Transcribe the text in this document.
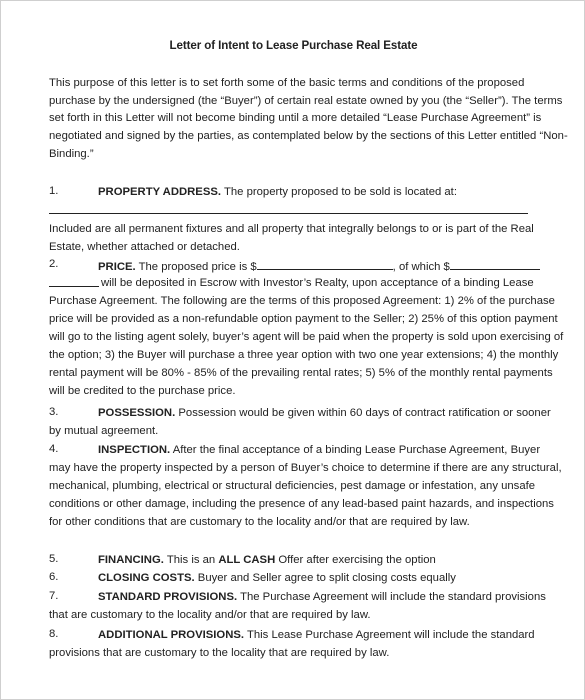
Letter of Intent to Lease Purchase Real Estate
This purpose of this letter is to set forth some of the basic terms and conditions of the proposed
purchase by the undersigned (the “Buyer”) of certain real estate owned by you (the “Seller”). The terms
set forth in this Letter will not become binding until a more detailed “Lease Purchase Agreement” is
negotiated and signed by the parties, as contemplated below by the sections of this Letter entitled “Non-
Binding.”
1.	PROPERTY ADDRESS. The property proposed to be sold is located at:
Included are all permanent fixtures and all property that integrally belongs to or is part of the Real
Estate, whether attached or detached.
2.	PRICE. The proposed price is $	, of which $
will be deposited in Escrow with Investor’s Realty, upon acceptance of a binding Lease
Purchase Agreement. The following are the terms of this proposed Agreement: 1) 2% of the purchase
price will be provided as a non-refundable option payment to the Seller; 2) 25% of this option payment
will go to the listing agent solely, buyer’s agent will be paid when the property is sold upon exercising of
the option; 3) the Buyer will purchase a three year option with two one year extensions; 4) the monthly
rental payment will be 80% - 85% of the prevailing rental rates; 5) 5% of the monthly rental payments
will be credited to the purchase price.
3.	POSSESSION. Possession would be given within 60 days of contract ratification or sooner
by mutual agreement.
4.	INSPECTION. After the final acceptance of a binding Lease Purchase Agreement, Buyer
may have the property inspected by a person of Buyer’s choice to determine if there are any structural,
mechanical, plumbing, electrical or structural deficiencies, pest damage or infestation, any unsafe
conditions or other damage, including the presence of any lead-based paint hazards, and inspections
for other conditions that are customary to the locality and/or that are required by law.
5.	FINANCING. This is an ALL CASH Offer after exercising the option
6.	CLOSING COSTS. Buyer and Seller agree to split closing costs equally
7.	STANDARD PROVISIONS. The Purchase Agreement will include the standard provisions
that are customary to the locality and/or that are required by law.
8.	ADDITIONAL PROVISIONS. This Lease Purchase Agreement will include the standard
provisions that are customary to the locality that are required by law.
